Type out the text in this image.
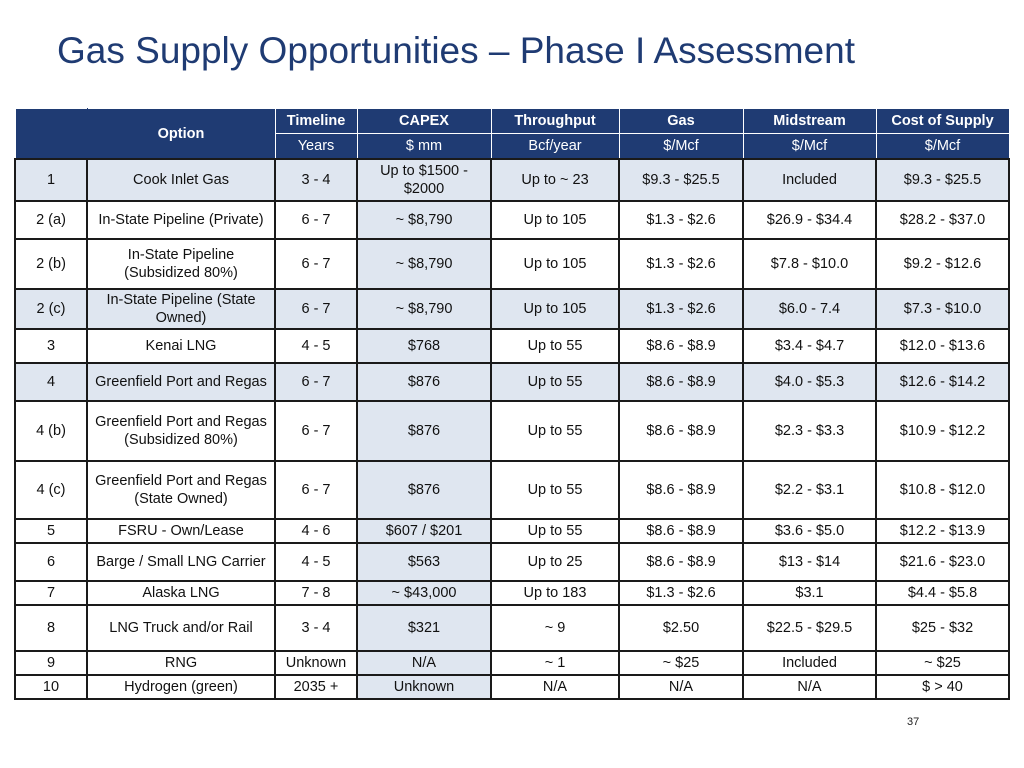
Gas Supply Opportunities – Phase I Assessment
	Option	Timeline	CAPEX	Throughput	Gas	Midstream	Cost of Supply
		Years	$ mm	Bcf/year	$/Mcf	$/Mcf	$/Mcf
1	Cook Inlet Gas	3 - 4	Up to $1500 - $2000	Up to ~ 23	$9.3 - $25.5	Included	$9.3 - $25.5
2 (a)	In-State Pipeline (Private)	6 - 7	~ $8,790	Up to 105	$1.3 - $2.6	$26.9 - $34.4	$28.2 - $37.0
2 (b)	In-State Pipeline (Subsidized 80%)	6 - 7	~ $8,790	Up to 105	$1.3 - $2.6	$7.8 - $10.0	$9.2 - $12.6
2 (c)	In-State Pipeline (State Owned)	6 - 7	~ $8,790	Up to 105	$1.3 - $2.6	$6.0 - 7.4	$7.3 - $10.0
3	Kenai LNG	4 - 5	$768	Up to 55	$8.6 - $8.9	$3.4 - $4.7	$12.0 - $13.6
4	Greenfield Port and Regas	6 - 7	$876	Up to 55	$8.6 - $8.9	$4.0 - $5.3	$12.6 - $14.2
4 (b)	Greenfield Port and Regas (Subsidized 80%)	6 - 7	$876	Up to 55	$8.6 - $8.9	$2.3 - $3.3	$10.9 - $12.2
4 (c)	Greenfield Port and Regas (State Owned)	6 - 7	$876	Up to 55	$8.6 - $8.9	$2.2 - $3.1	$10.8 - $12.0
5	FSRU - Own/Lease	4 - 6	$607 / $201	Up to 55	$8.6 - $8.9	$3.6 - $5.0	$12.2 - $13.9
6	Barge / Small LNG Carrier	4 - 5	$563	Up to 25	$8.6 - $8.9	$13 - $14	$21.6 - $23.0
7	Alaska LNG	7 - 8	~ $43,000	Up to 183	$1.3 - $2.6	$3.1	$4.4 - $5.8
8	LNG Truck and/or Rail	3 - 4	$321	~ 9	$2.50	$22.5 - $29.5	$25 - $32
9	RNG	Unknown	N/A	~ 1	~ $25	Included	~ $25
10	Hydrogen (green)	2035 +	Unknown	N/A	N/A	N/A	$ > 40
37
